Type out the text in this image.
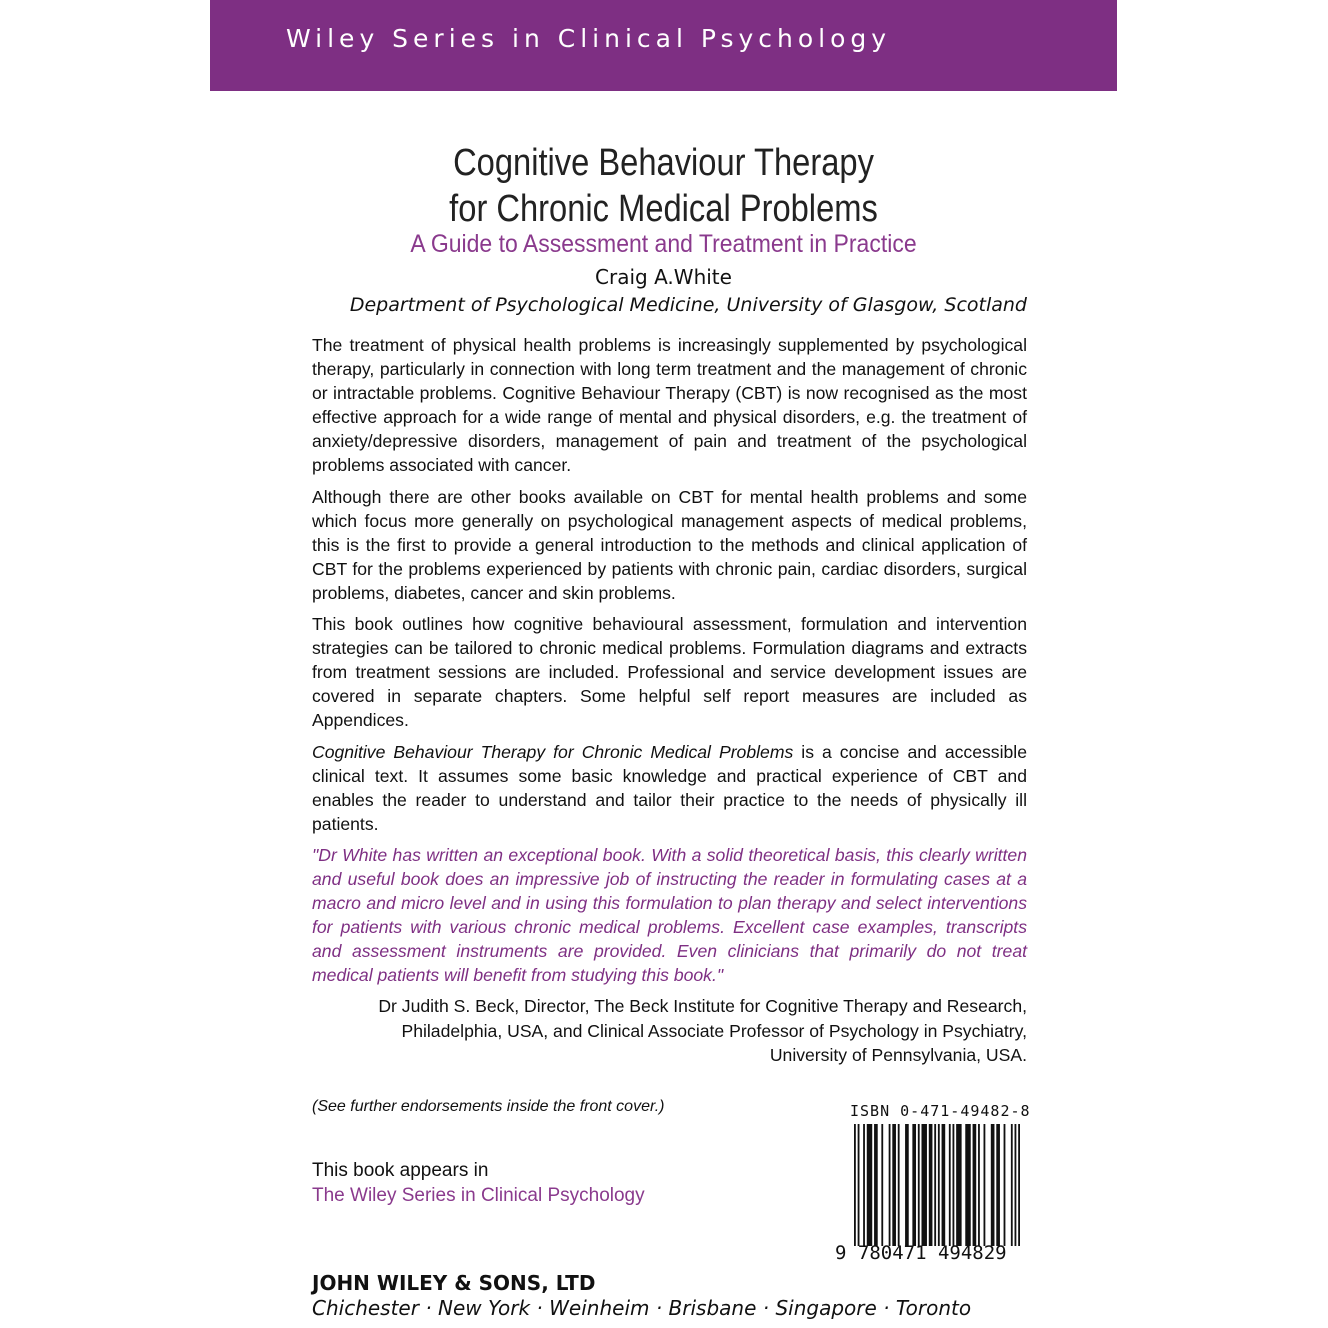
Wiley Series in Clinical Psychology
Cognitive Behaviour Therapy
for Chronic Medical Problems
A Guide to Assessment and Treatment in Practice
Craig A.White
Department of Psychological Medicine, University of Glasgow, Scotland

The treatment of physical health problems is increasingly supplemented by psychological therapy, particularly in connection with long term treatment and the management of chronic or intractable problems. Cognitive Behaviour Therapy (CBT) is now recognised as the most effective approach for a wide range of mental and physical disorders, e.g. the treatment of anxiety/depressive disorders, management of pain and treatment of the psychological problems associated with cancer.

Although there are other books available on CBT for mental health problems and some which focus more generally on psychological management aspects of medical problems, this is the first to provide a general introduction to the methods and clinical application of CBT for the problems experienced by patients with chronic pain, cardiac disorders, surgical problems, diabetes, cancer and skin problems.

This book outlines how cognitive behavioural assessment, formulation and intervention strategies can be tailored to chronic medical problems. Formulation diagrams and extracts from treatment sessions are included. Professional and service development issues are covered in separate chapters. Some helpful self report measures are included as Appendices.

Cognitive Behaviour Therapy for Chronic Medical Problems is a concise and accessible clinical text. It assumes some basic knowledge and practical experience of CBT and enables the reader to understand and tailor their practice to the needs of physically ill patients.

"Dr White has written an exceptional book. With a solid theoretical basis, this clearly written and useful book does an impressive job of instructing the reader in formulating cases at a macro and micro level and in using this formulation to plan therapy and select interventions for patients with various chronic medical problems. Excellent case examples, transcripts and assessment instruments are provided. Even clinicians that primarily do not treat medical patients will benefit from studying this book."

Dr Judith S. Beck, Director, The Beck Institute for Cognitive Therapy and Research,
Philadelphia, USA, and Clinical Associate Professor of Psychology in Psychiatry,
University of Pennsylvania, USA.
(See further endorsements inside the front cover.)
This book appears in
The Wiley Series in Clinical Psychology
ISBN 0-471-49482-8
9 780471 494829
JOHN WILEY & SONS, LTD
Chichester · New York · Weinheim · Brisbane · Singapore · Toronto
